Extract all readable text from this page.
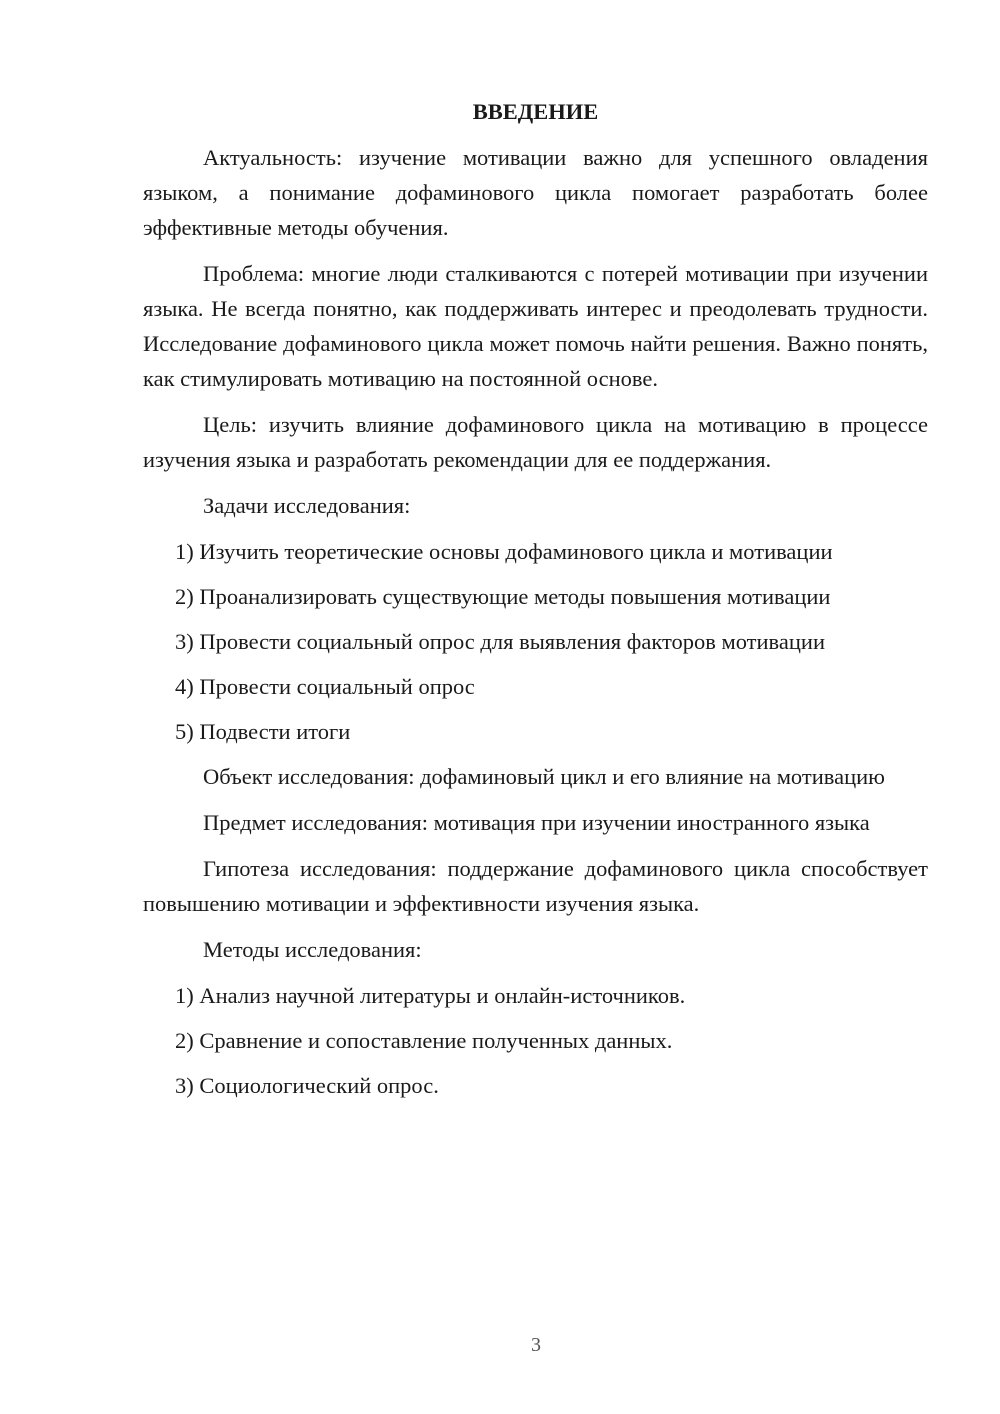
ВВЕДЕНИЕ

Актуальность: изучение мотивации важно для успешного овладения языком, а понимание дофаминового цикла помогает разработать более эффективные методы обучения.

Проблема: многие люди сталкиваются с потерей мотивации при изучении языка. Не всегда понятно, как поддерживать интерес и преодолевать трудности. Исследование дофаминового цикла может помочь найти решения. Важно понять, как стимулировать мотивацию на постоянной основе.

Цель: изучить влияние дофаминового цикла на мотивацию в процессе изучения языка и разработать рекомендации для ее поддержания.

Задачи исследования:

1) Изучить теоретические основы дофаминового цикла и мотивации
2) Проанализировать существующие методы повышения мотивации
3) Провести социальный опрос для выявления факторов мотивации
4) Провести социальный опрос
5) Подвести итоги

Объект исследования: дофаминовый цикл и его влияние на мотивацию

Предмет исследования: мотивация при изучении иностранного языка

Гипотеза исследования: поддержание дофаминового цикла способствует повышению мотивации и эффективности изучения языка.

Методы исследования:

1) Анализ научной литературы и онлайн-источников.
2) Сравнение и сопоставление полученных данных.
3) Социологический опрос.
3
